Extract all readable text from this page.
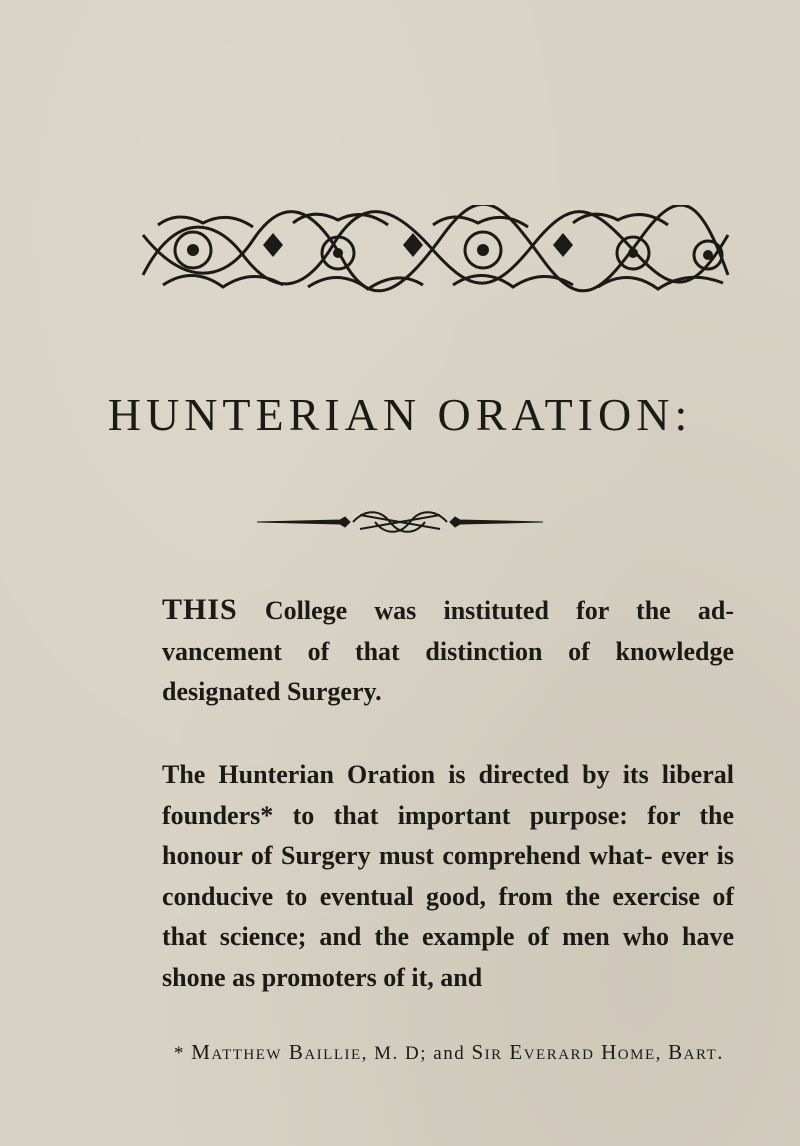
HUNTERIAN ORATION:
THIS College was instituted for the ad- vancement of that distinction of knowledge designated Surgery.
The Hunterian Oration is directed by its liberal founders* to that important purpose: for the honour of Surgery must comprehend what- ever is conducive to eventual good, from the exercise of that science; and the example of men who have shone as promoters of it, and
* Matthew Baillie, M. D; and Sir Everard Home, Bart.
